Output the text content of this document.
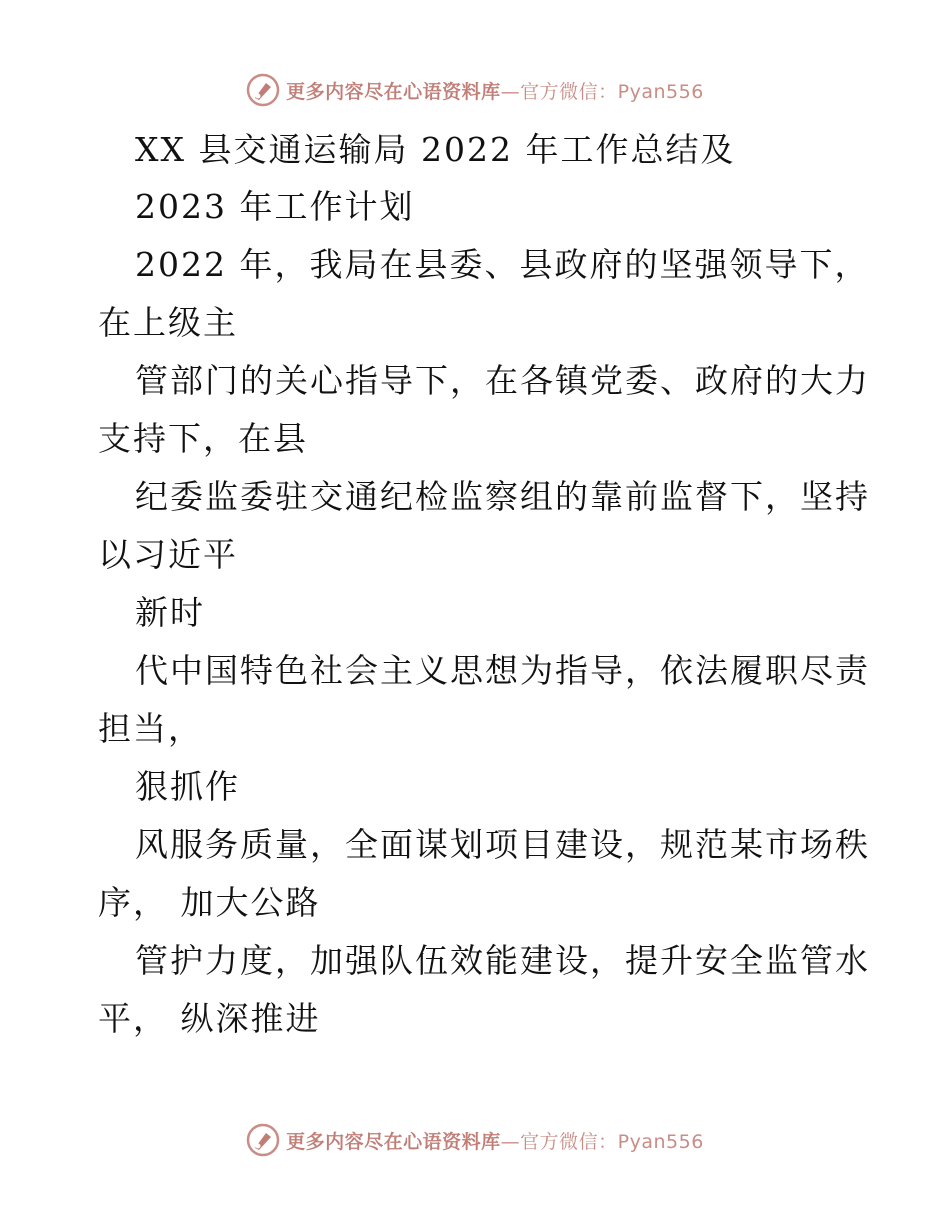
更多内容尽在心语资料库—官方微信：Pyan556
XX 县交通运输局 2022 年工作总结及
2023 年工作计划
2022 年，我局在县委、县政府的坚强领导下，
在上级主
管部门的关心指导下，在各镇党委、政府的大力
支持下，在县
纪委监委驻交通纪检监察组的靠前监督下，坚持
以习近平
新时
代中国特色社会主义思想为指导，依法履职尽责
担当，
狠抓作
风服务质量，全面谋划项目建设，规范某市场秩
序， 加大公路
管护力度，加强队伍效能建设，提升安全监管水
平， 纵深推进
更多内容尽在心语资料库—官方微信：Pyan556
